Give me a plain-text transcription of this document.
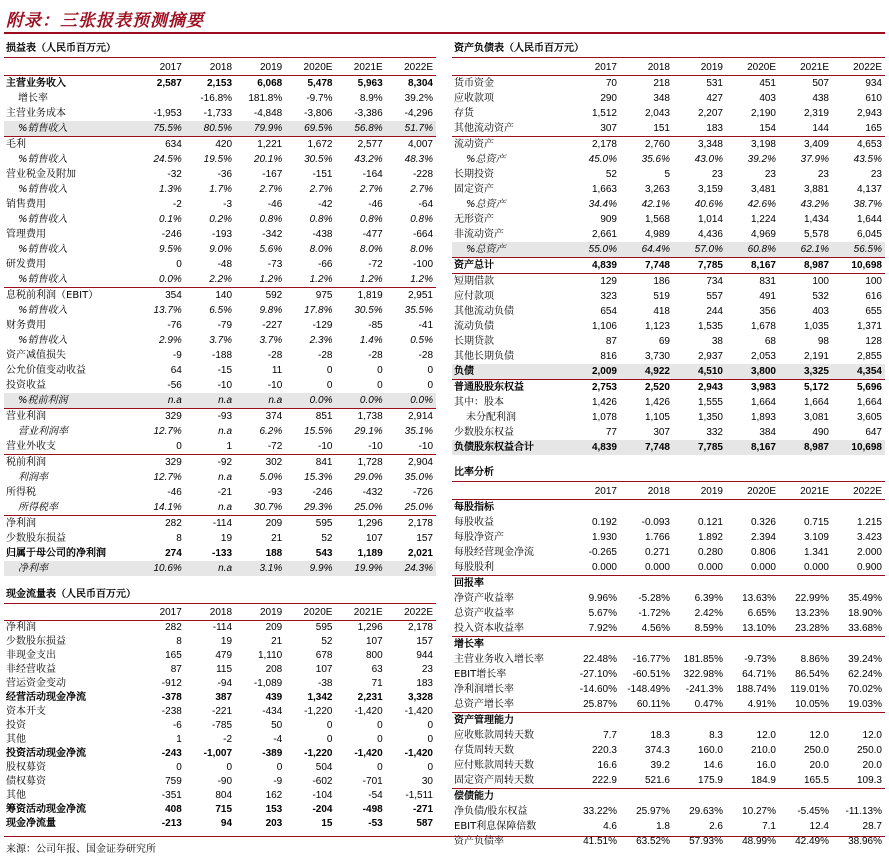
附录：三张报表预测摘要
损益表（人民币百万元）
	2017	2018	2019	2020E	2021E	2022E
主营业务收入	2,587	2,153	6,068	5,478	5,963	8,304
增长率		-16.8%	181.8%	-9.7%	8.9%	39.2%
主营业务成本	-1,953	-1,733	-4,848	-3,806	-3,386	-4,296
%销售收入	75.5%	80.5%	79.9%	69.5%	56.8%	51.7%
毛利	634	420	1,221	1,672	2,577	4,007
%销售收入	24.5%	19.5%	20.1%	30.5%	43.2%	48.3%
营业税金及附加	-32	-36	-167	-151	-164	-228
%销售收入	1.3%	1.7%	2.7%	2.7%	2.7%	2.7%
销售费用	-2	-3	-46	-42	-46	-64
%销售收入	0.1%	0.2%	0.8%	0.8%	0.8%	0.8%
管理费用	-246	-193	-342	-438	-477	-664
%销售收入	9.5%	9.0%	5.6%	8.0%	8.0%	8.0%
研发费用	0	-48	-73	-66	-72	-100
%销售收入	0.0%	2.2%	1.2%	1.2%	1.2%	1.2%
息税前利润（EBIT）	354	140	592	975	1,819	2,951
%销售收入	13.7%	6.5%	9.8%	17.8%	30.5%	35.5%
财务费用	-76	-79	-227	-129	-85	-41
%销售收入	2.9%	3.7%	3.7%	2.3%	1.4%	0.5%
资产减值损失	-9	-188	-28	-28	-28	-28
公允价值变动收益	64	-15	11	0	0	0
投资收益	-56	-10	-10	0	0	0
%税前利润	n.a	n.a	n.a	0.0%	0.0%	0.0%
营业利润	329	-93	374	851	1,738	2,914
营业利润率	12.7%	n.a	6.2%	15.5%	29.1%	35.1%
营业外收支	0	1	-72	-10	-10	-10
税前利润	329	-92	302	841	1,728	2,904
利润率	12.7%	n.a	5.0%	15.3%	29.0%	35.0%
所得税	-46	-21	-93	-246	-432	-726
所得税率	14.1%	n.a	30.7%	29.3%	25.0%	25.0%
净利润	282	-114	209	595	1,296	2,178
少数股东损益	8	19	21	52	107	157
归属于母公司的净利润	274	-133	188	543	1,189	2,021
净利率	10.6%	n.a	3.1%	9.9%	19.9%	24.3%
资产负债表（人民币百万元）
	2017	2018	2019	2020E	2021E	2022E
货币资金	70	218	531	451	507	934
应收款项	290	348	427	403	438	610
存货	1,512	2,043	2,207	2,190	2,319	2,943
其他流动资产	307	151	183	154	144	165
流动资产	2,178	2,760	3,348	3,198	3,409	4,653
%总资产	45.0%	35.6%	43.0%	39.2%	37.9%	43.5%
长期投资	52	5	23	23	23	23
固定资产	1,663	3,263	3,159	3,481	3,881	4,137
%总资产	34.4%	42.1%	40.6%	42.6%	43.2%	38.7%
无形资产	909	1,568	1,014	1,224	1,434	1,644
非流动资产	2,661	4,989	4,436	4,969	5,578	6,045
%总资产	55.0%	64.4%	57.0%	60.8%	62.1%	56.5%
资产总计	4,839	7,748	7,785	8,167	8,987	10,698
短期借款	129	186	734	831	100	100
应付款项	323	519	557	491	532	616
其他流动负债	654	418	244	356	403	655
流动负债	1,106	1,123	1,535	1,678	1,035	1,371
长期贷款	87	69	38	68	98	128
其他长期负债	816	3,730	2,937	2,053	2,191	2,855
负债	2,009	4,922	4,510	3,800	3,325	4,354
普通股股东权益	2,753	2,520	2,943	3,983	5,172	5,696
其中：股本	1,426	1,426	1,555	1,664	1,664	1,664
未分配利润	1,078	1,105	1,350	1,893	3,081	3,605
少数股东权益	77	307	332	384	490	647
负债股东权益合计	4,839	7,748	7,785	8,167	8,987	10,698
比率分析
	2017	2018	2019	2020E	2021E	2022E
每股指标						
每股收益	0.192	-0.093	0.121	0.326	0.715	1.215
每股净资产	1.930	1.766	1.892	2.394	3.109	3.423
每股经营现金净流	-0.265	0.271	0.280	0.806	1.341	2.000
每股股利	0.000	0.000	0.000	0.000	0.000	0.900
回报率						
净资产收益率	9.96%	-5.28%	6.39%	13.63%	22.99%	35.49%
总资产收益率	5.67%	-1.72%	2.42%	6.65%	13.23%	18.90%
投入资本收益率	7.92%	4.56%	8.59%	13.10%	23.28%	33.68%
增长率						
主营业务收入增长率	22.48%	-16.77%	181.85%	-9.73%	8.86%	39.24%
EBIT增长率	-27.10%	-60.51%	322.98%	64.71%	86.54%	62.24%
净利润增长率	-14.60%	-148.49%	-241.3%	188.74%	119.01%	70.02%
总资产增长率	25.87%	60.11%	0.47%	4.91%	10.05%	19.03%
资产管理能力						
应收账款周转天数	7.7	18.3	8.3	12.0	12.0	12.0
存货周转天数	220.3	374.3	160.0	210.0	250.0	250.0
应付账款周转天数	16.6	39.2	14.6	16.0	20.0	20.0
固定资产周转天数	222.9	521.6	175.9	184.9	165.5	109.3
偿债能力						
净负债/股东权益	33.22%	25.97%	29.63%	10.27%	-5.45%	-11.13%
EBIT利息保障倍数	4.6	1.8	2.6	7.1	12.4	28.7
资产负债率	41.51%	63.52%	57.93%	48.99%	42.49%	38.96%
现金流量表（人民币百万元）
	2017	2018	2019	2020E	2021E	2022E
净利润	282	-114	209	595	1,296	2,178
少数股东损益	8	19	21	52	107	157
非现金支出	165	479	1,110	678	800	944
非经营收益	87	115	208	107	63	23
营运资金变动	-912	-94	-1,089	-38	71	183
经营活动现金净流	-378	387	439	1,342	2,231	3,328
资本开支	-238	-221	-434	-1,220	-1,420	-1,420
投资	-6	-785	50	0	0	0
其他	1	-2	-4	0	0	0
投资活动现金净流	-243	-1,007	-389	-1,220	-1,420	-1,420
股权募资	0	0	0	504	0	0
债权募资	759	-90	-9	-602	-701	30
其他	-351	804	162	-104	-54	-1,511
筹资活动现金净流	408	715	153	-204	-498	-271
现金净流量	-213	94	203	15	-53	587
来源：公司年报、国金证券研究所
